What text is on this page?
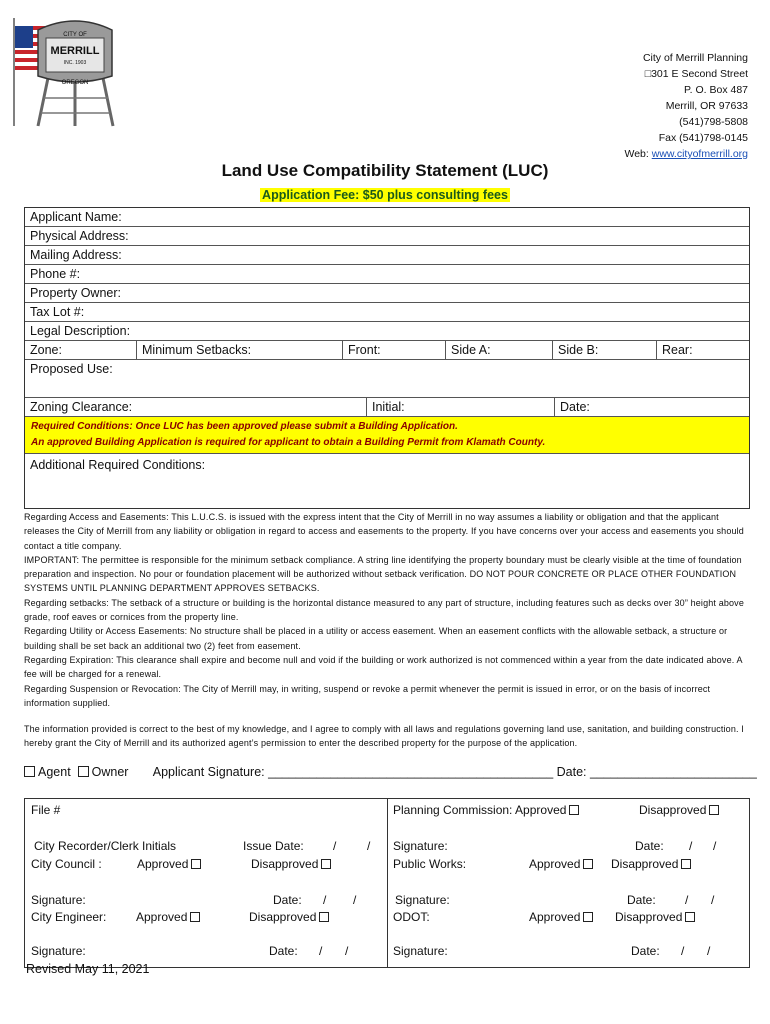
CITY OF
MERRILL
INC. 1903
OREGON
City of Merrill Planning
□301 E Second Street
P. O. Box 487
Merrill, OR 97633
(541)798-5808
Fax (541)798-0145
Web: www.cityofmerrill.org
Land Use Compatibility Statement (LUC)
Application Fee: $50 plus consulting fees
Applicant Name:
Physical Address:
Mailing Address:
Phone #:
Property Owner:
Tax Lot #:
Legal Description:
Zone:	Minimum Setbacks:	Front:	Side A:	Side B:	Rear:
Proposed Use:
Zoning Clearance:	Initial:	Date:
Required Conditions: Once LUC has been approved please submit a Building Application.
An approved Building Application is required for applicant to obtain a Building Permit from Klamath County.
Additional Required Conditions:

Regarding Access and Easements: This L.U.C.S. is issued with the express intent that the City of Merrill in no way assumes a liability or obligation and that the applicant releases the City of Merrill from any liability or obligation in regard to access and easements to the property. If you have concerns over your access and easements you should contact a title company.

IMPORTANT: The permittee is responsible for the minimum setback compliance. A string line identifying the property boundary must be clearly visible at the time of foundation preparation and inspection. No pour or foundation placement will be authorized without setback verification. DO NOT POUR CONCRETE OR PLACE OTHER FOUNDATION SYSTEMS UNTIL PLANNING DEPARTMENT APPROVES SETBACKS.

Regarding setbacks: The setback of a structure or building is the horizontal distance measured to any part of structure, including features such as decks over 30” height above grade, roof eaves or cornices from the property line.

Regarding Utility or Access Easements: No structure shall be placed in a utility or access easement. When an easement conflicts with the allowable setback, a structure or building shall be set back an additional two (2) feet from easement.

Regarding Expiration: This clearance shall expire and become null and void if the building or work authorized is not commenced within a year from the date indicated above. A fee will be charged for a renewal.

Regarding Suspension or Revocation: The City of Merrill may, in writing, suspend or revoke a permit whenever the permit is issued in error, or on the basis of incorrect information supplied.

The information provided is correct to the best of my knowledge, and I agree to comply with all laws and regulations governing land use, sanitation, and building construction. I hereby grant the City of Merrill and its authorized agent’s permission to enter the described property for the purpose of the application.
Agent Owner Applicant Signature: _________________________________________ Date: ________________________
File #
City Recorder/Clerk Initials	Issue Date: /	/
City Council :	Approved	Disapproved
Signature:	Date: / /
City Engineer: Approved	Disapproved
Signature:	Date: / /
Planning Commission: Approved	Disapproved
Signature:	Date: / /
Public Works:	Approved	Disapproved
Signature:	Date: / /
ODOT:	Approved	Disapproved
Signature:	Date: / /
Revised May 11, 2021
